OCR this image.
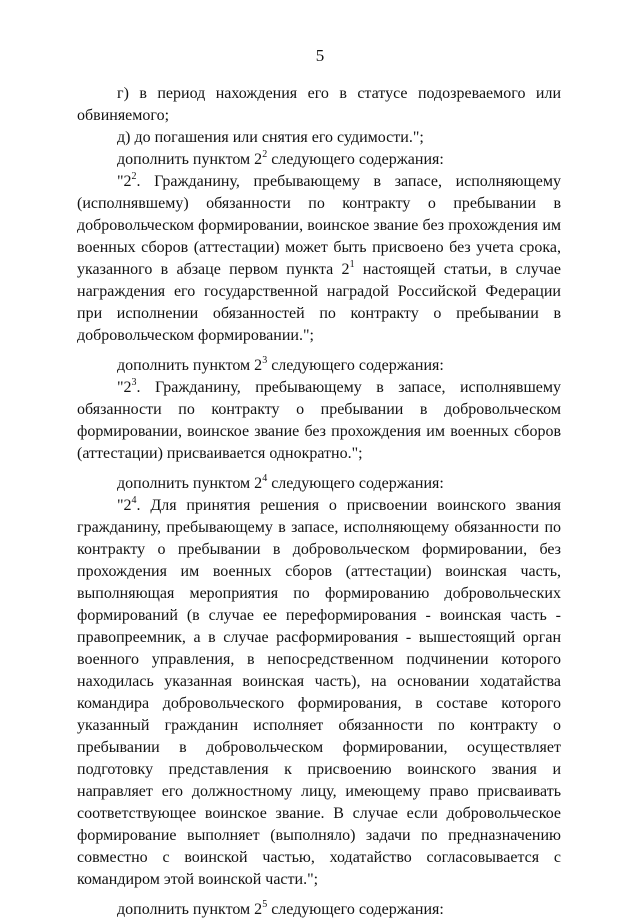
5

г) в период нахождения его в статусе подозреваемого или обвиняемого;

д) до погашения или снятия его судимости.";

дополнить пунктом $2^2$ следующего содержания:

"$2^2$. Гражданину, пребывающему в запасе, исполняющему (исполнявшему) обязанности по контракту о пребывании в добровольческом формировании, воинское звание без прохождения им военных сборов (аттестации) может быть присвоено без учета срока, указанного в абзаце первом пункта $2^1$ настоящей статьи, в случае награждения его государственной наградой Российской Федерации при исполнении обязанностей по контракту о пребывании в добровольческом формировании.";

дополнить пунктом $2^3$ следующего содержания:

"$2^3$. Гражданину, пребывающему в запасе, исполнявшему обязанности по контракту о пребывании в добровольческом формировании, воинское звание без прохождения им военных сборов (аттестации) присваивается однократно.";

дополнить пунктом $2^4$ следующего содержания:

"$2^4$. Для принятия решения о присвоении воинского звания гражданину, пребывающему в запасе, исполняющему обязанности по контракту о пребывании в добровольческом формировании, без прохождения им военных сборов (аттестации) воинская часть, выполняющая мероприятия по формированию добровольческих формирований (в случае ее переформирования - воинская часть - правопреемник, а в случае расформирования - вышестоящий орган военного управления, в непосредственном подчинении которого находилась указанная воинская часть), на основании ходатайства командира добровольческого формирования, в составе которого указанный гражданин исполняет обязанности по контракту о пребывании в добровольческом формировании, осуществляет подготовку представления к присвоению воинского звания и направляет его должностному лицу, имеющему право присваивать соответствующее воинское звание. В случае если добровольческое формирование выполняет (выполняло) задачи по предназначению совместно с воинской частью, ходатайство согласовывается с командиром этой воинской части.";

дополнить пунктом $2^5$ следующего содержания:
